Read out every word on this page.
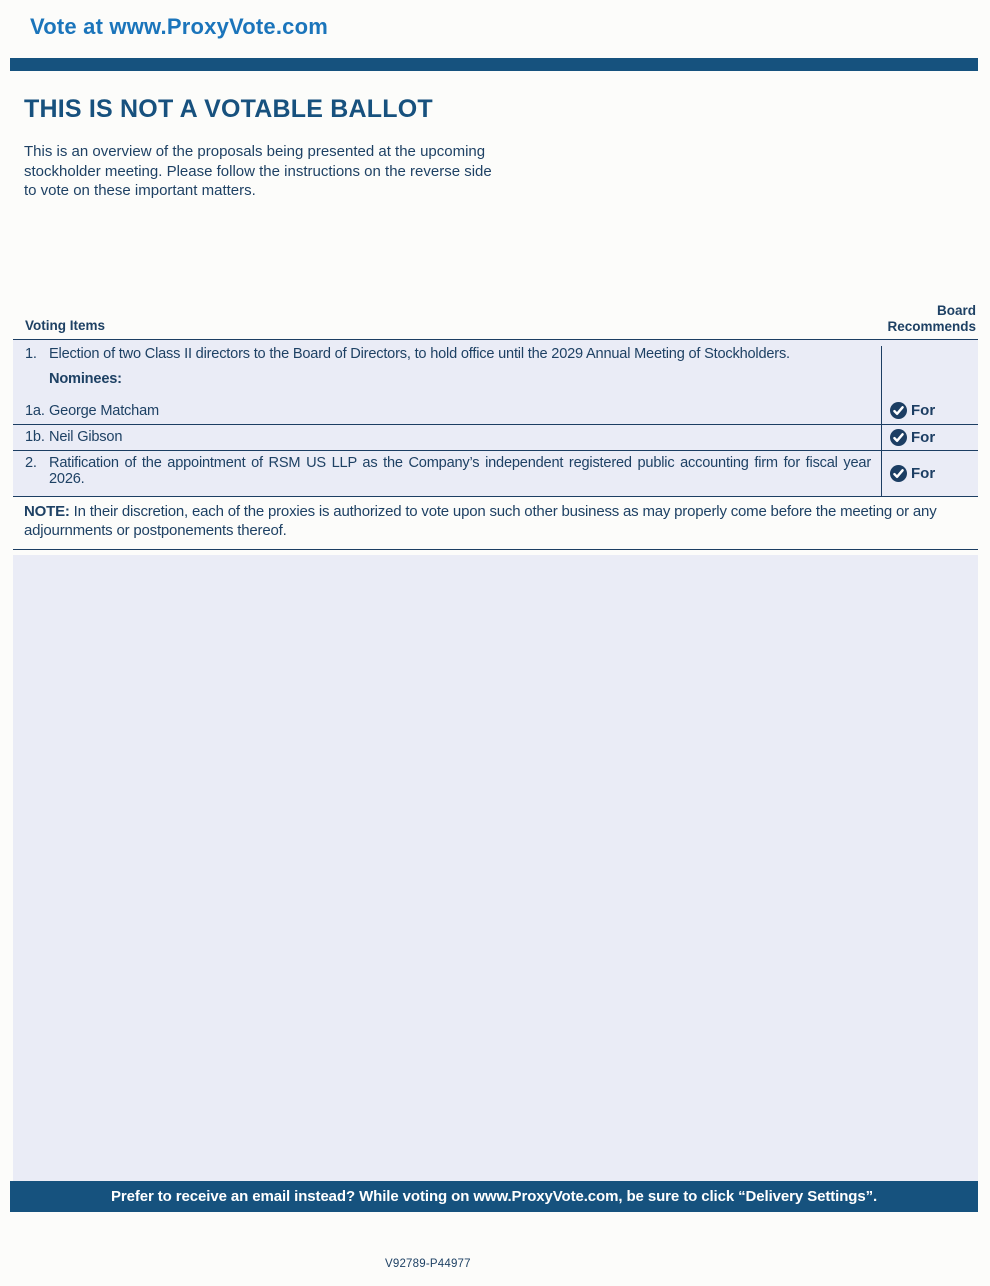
Vote at www.ProxyVote.com
THIS IS NOT A VOTABLE BALLOT
This is an overview of the proposals being presented at the upcoming stockholder meeting. Please follow the instructions on the reverse side to vote on these important matters.
Voting Items
Board
Recommends
1. Election of two Class II directors to the Board of Directors, to hold office until the 2029 Annual Meeting of Stockholders.
Nominees:
1a. George Matcham	For
1b. Neil Gibson	For
2. Ratification of the appointment of RSM US LLP as the Company’s independent registered public accounting firm for fiscal year 2026.	For
NOTE: In their discretion, each of the proxies is authorized to vote upon such other business as may properly come before the meeting or any adjournments or postponements thereof.
Prefer to receive an email instead? While voting on www.ProxyVote.com, be sure to click “Delivery Settings”.
V92789-P44977
